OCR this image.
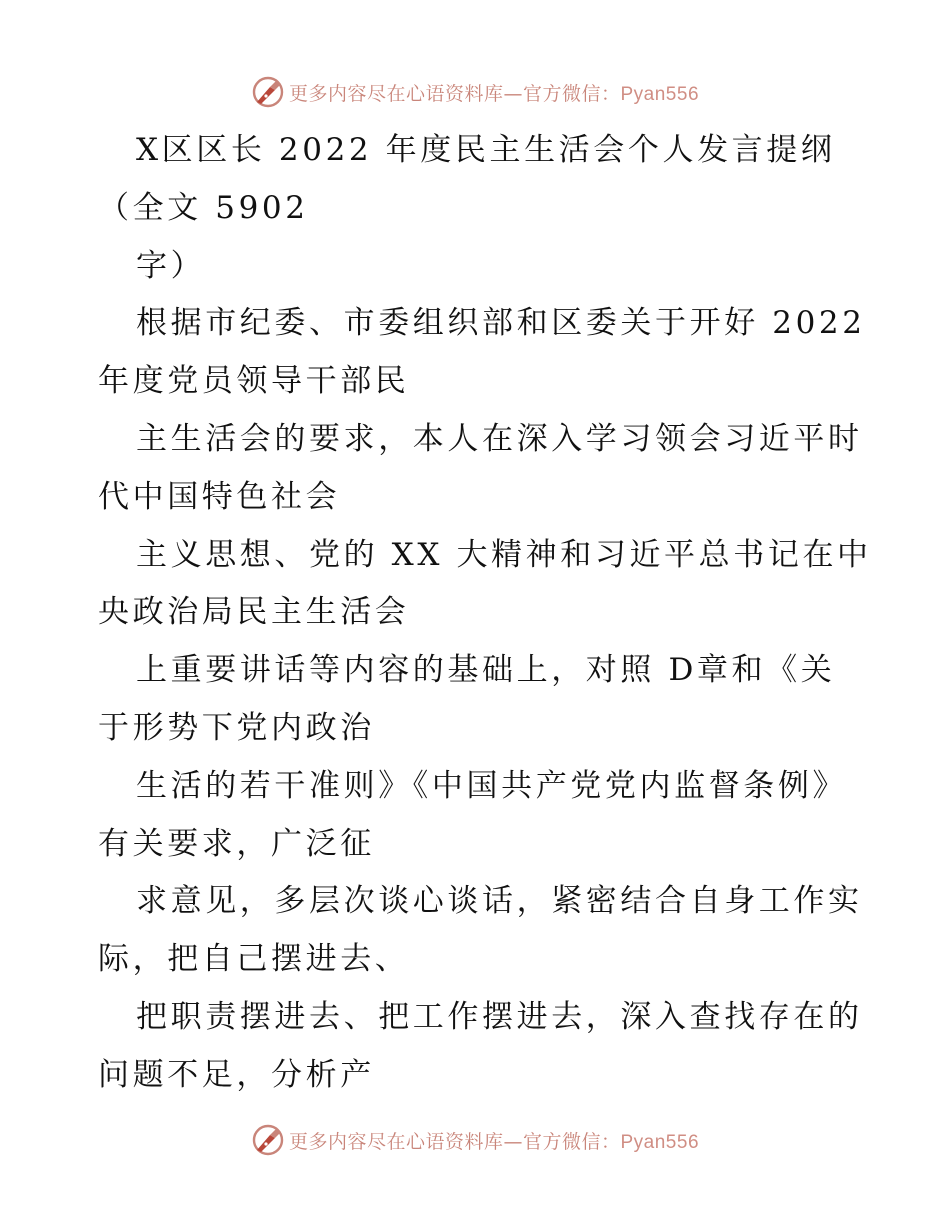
更多内容尽在心语资料库—官方微信：Pyan556
X区区长 2022 年度民主生活会个人发言提纲
（全文 5902
字）
根据市纪委、市委组织部和区委关于开好 2022
年度党员领导干部民
主生活会的要求，本人在深入学习领会习近平时
代中国特色社会
主义思想、党的 XX 大精神和习近平总书记在中
央政治局民主生活会
上重要讲话等内容的基础上，对照 D章和《关
于形势下党内政治
生活的若干准则》《中国共产党党内监督条例》
有关要求，广泛征
求意见，多层次谈心谈话，紧密结合自身工作实
际，把自己摆进去、
把职责摆进去、把工作摆进去，深入查找存在的
问题不足，分析产
更多内容尽在心语资料库—官方微信：Pyan556
